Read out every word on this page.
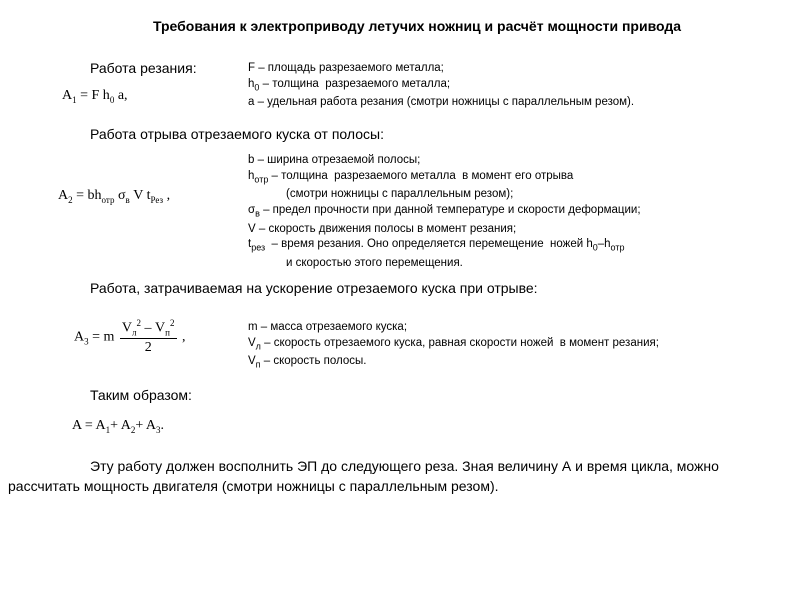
Требования к электроприводу летучих ножниц и расчёт мощности привода
Работа резания:
$A_1 = F$ $h_0$ a,
F – площадь разрезаемого металла;
$h_0$ – толщина  разрезаемого металла;
a – удельная работа резания (смотри ножницы с параллельным резом).
Работа отрыва отрезаемого куска от полосы:
$A_2 = bh_{отр}$ $\sigma_в$ V $t_{Рез}$ ,
b – ширина отрезаемой полосы;
$h_{отр}$ – толщина  разрезаемого металла  в момент его отрыва
(смотри ножницы с параллельным резом);
$\sigma_в$ – предел прочности при данной температуре и скорости деформации;
V – скорость движения полосы в момент резания;
$t_{рез}$  – время резания. Оно определяется перемещение  ножей $h_0-h_{отр}$
и скоростью этого перемещения.
Работа, затрачиваемая на ускорение отрезаемого куска при отрыве:
$A_3 = m \frac{V_л^2 - V_п^2}{2}$ ,
m – масса отрезаемого куска;
$V_л$ – скорость отрезаемого куска, равная скорости ножей  в момент резания;
$V_п$ – скорость полосы.
Таким образом:
$A = A_1+ A_2+ A_3$.
Эту работу должен восполнить ЭП до следующего реза. Зная величину А и время цикла, можно
рассчитать мощность двигателя (смотри ножницы с параллельным резом).
